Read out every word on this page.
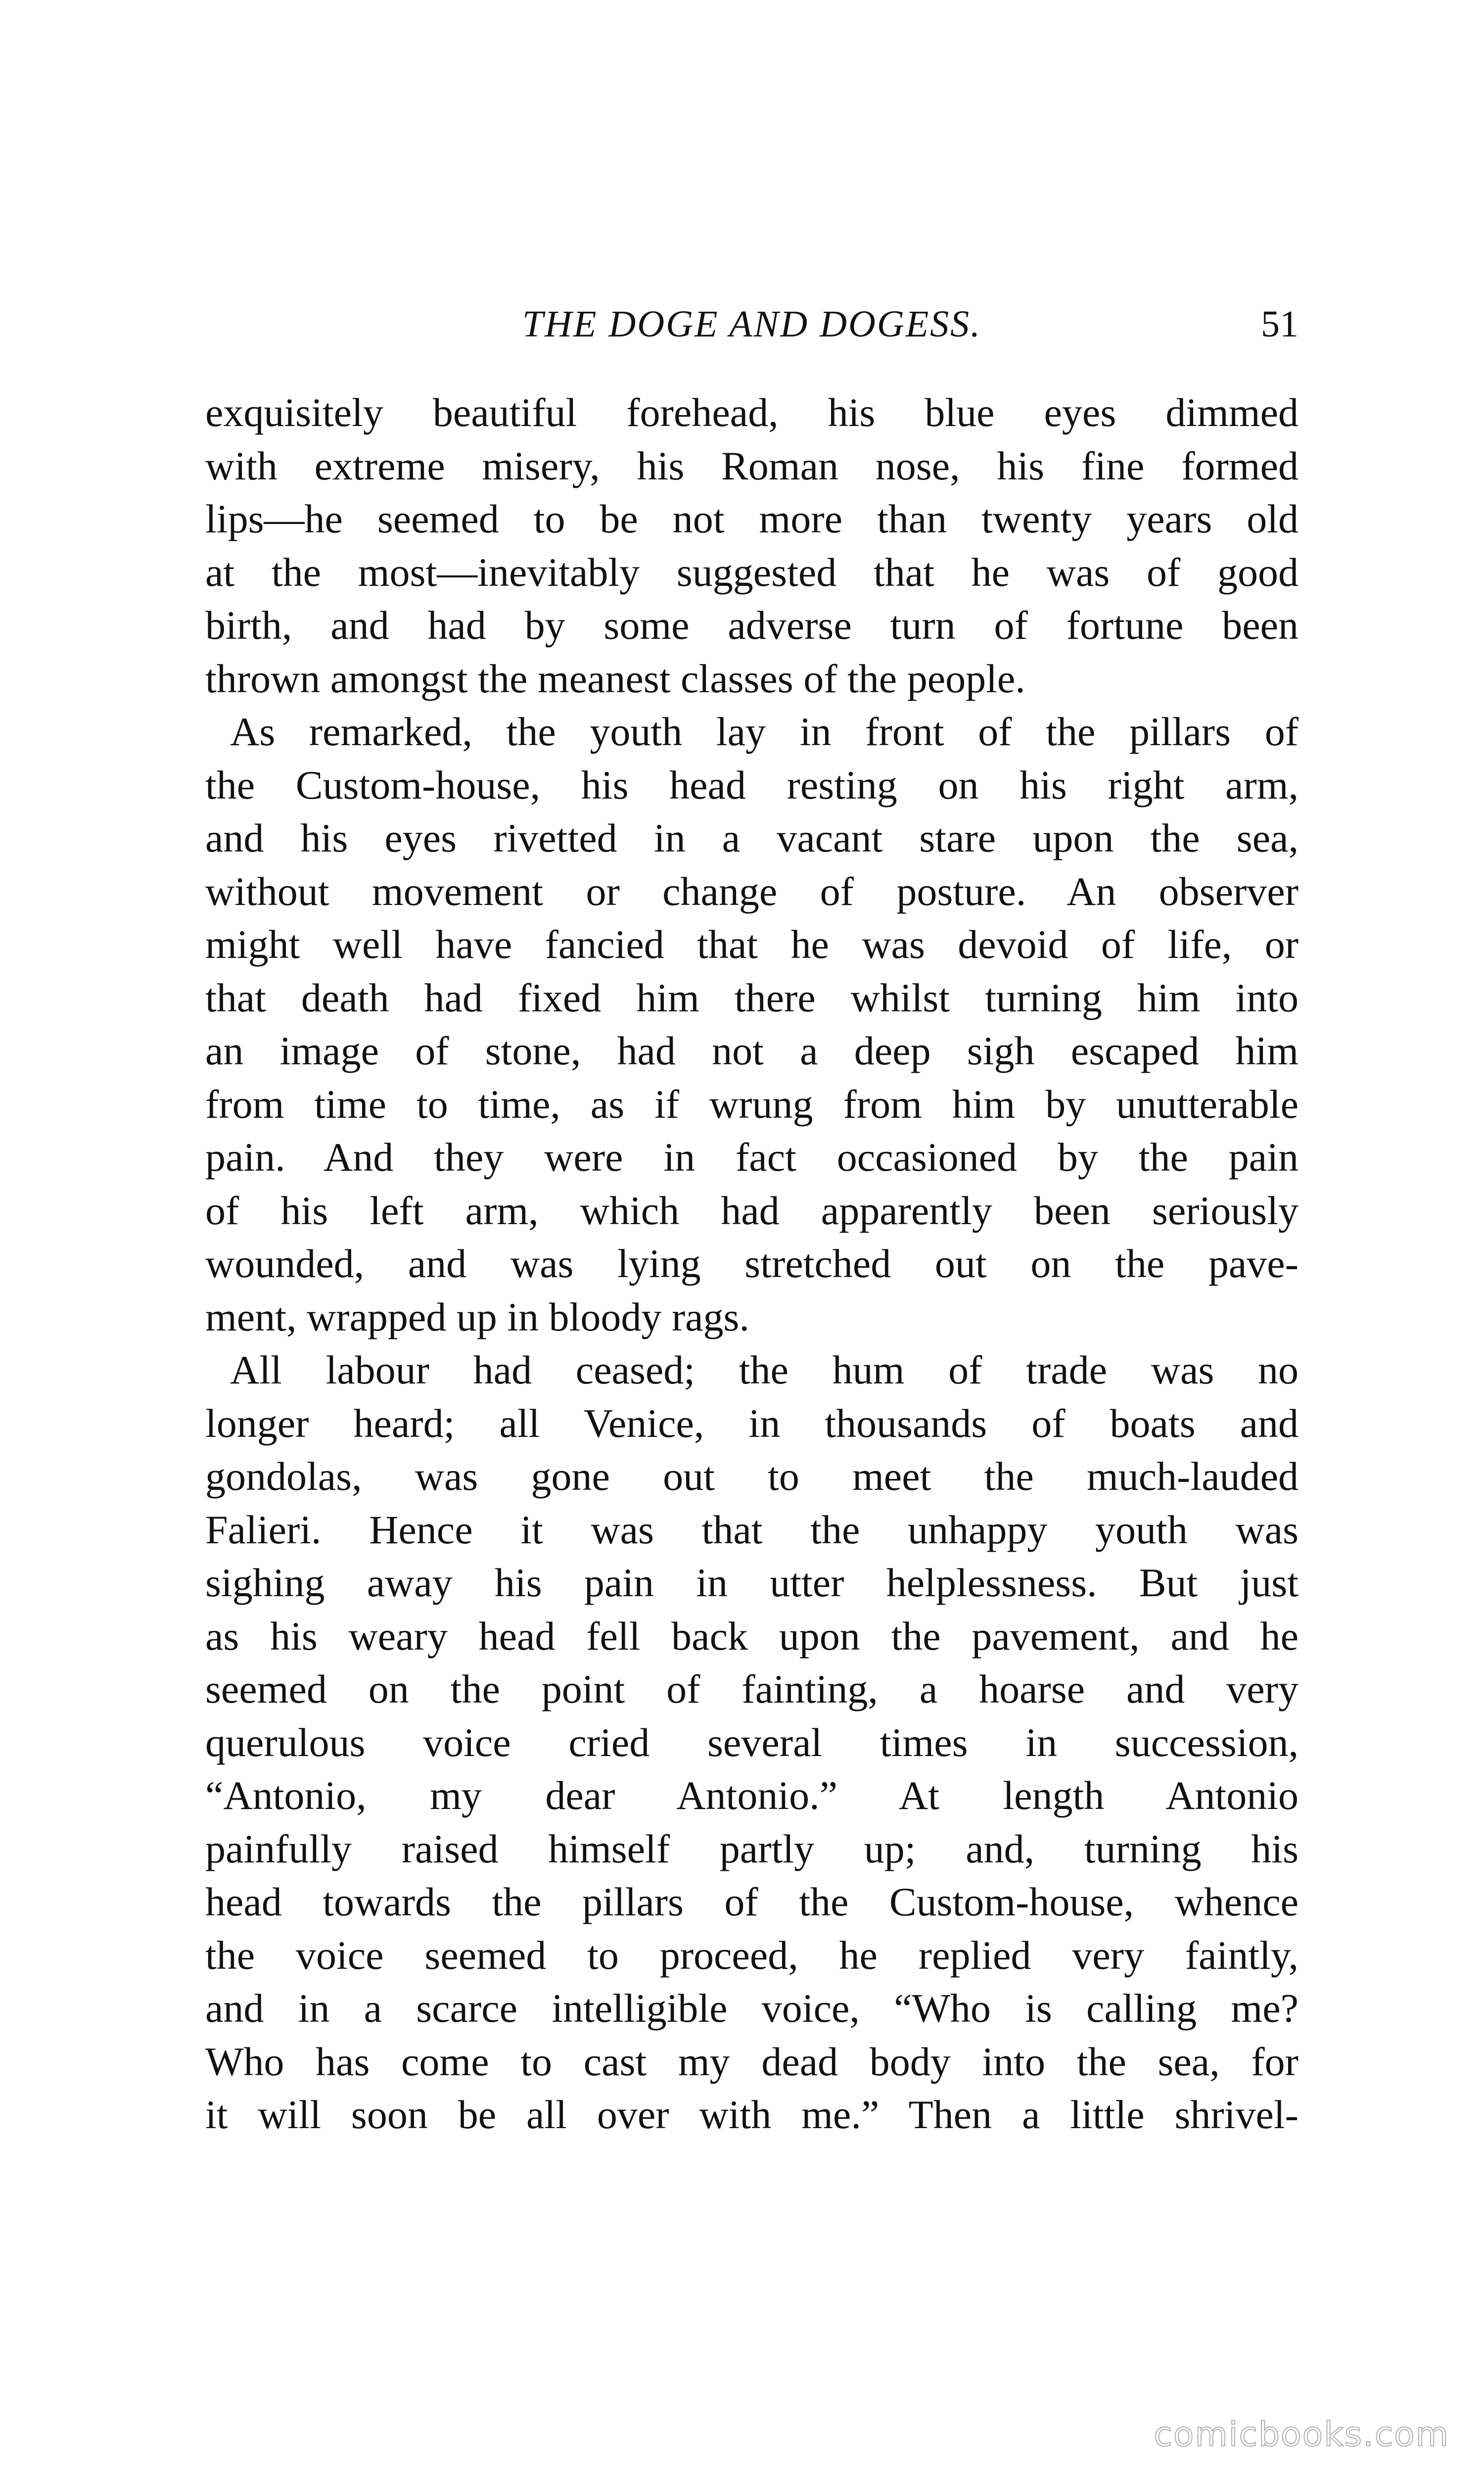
THE DOGE AND DOGESS.	51
exquisitely beautiful forehead, his blue eyes dimmed
with extreme misery, his Roman nose, his fine formed
lips—he seemed to be not more than twenty years old
at the most—inevitably suggested that he was of good
birth, and had by some adverse turn of fortune been
thrown amongst the meanest classes of the people.
As remarked, the youth lay in front of the pillars of
the Custom-house, his head resting on his right arm,
and his eyes rivetted in a vacant stare upon the sea,
without movement or change of posture. An observer
might well have fancied that he was devoid of life, or
that death had fixed him there whilst turning him into
an image of stone, had not a deep sigh escaped him
from time to time, as if wrung from him by unutterable
pain. And they were in fact occasioned by the pain
of his left arm, which had apparently been seriously
wounded, and was lying stretched out on the pave-
ment, wrapped up in bloody rags.
All labour had ceased; the hum of trade was no
longer heard; all Venice, in thousands of boats and
gondolas, was gone out to meet the much-lauded
Falieri. Hence it was that the unhappy youth was
sighing away his pain in utter helplessness. But just
as his weary head fell back upon the pavement, and he
seemed on the point of fainting, a hoarse and very
querulous voice cried several times in succession,
“Antonio, my dear Antonio.” At length Antonio
painfully raised himself partly up; and, turning his
head towards the pillars of the Custom-house, whence
the voice seemed to proceed, he replied very faintly,
and in a scarce intelligible voice, “Who is calling me?
Who has come to cast my dead body into the sea, for
it will soon be all over with me.” Then a little shrivel-
comicbooks.com
